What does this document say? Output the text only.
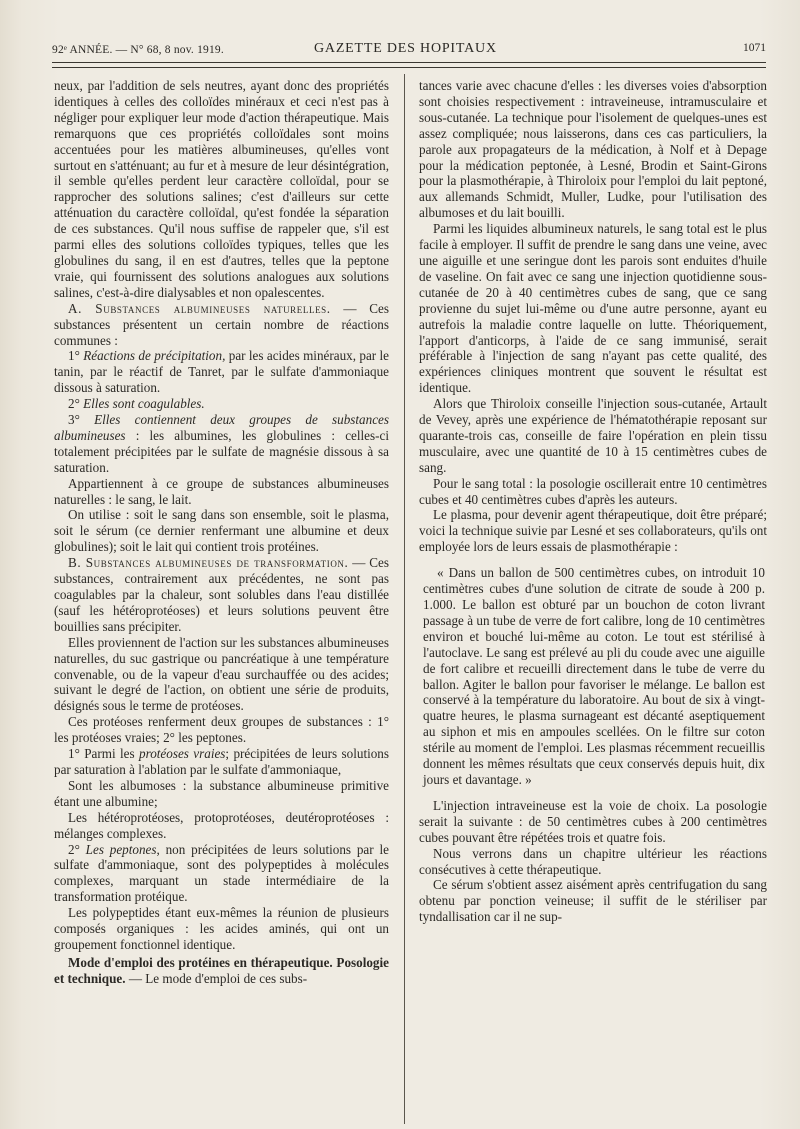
92ᵉ ANNÉE. — N° 68, 8 nov. 1919.	GAZETTE DES HOPITAUX	1071

neux, par l'addition de sels neutres, ayant donc des propriétés identiques à celles des colloïdes minéraux et ceci n'est pas à négliger pour expliquer leur mode d'action thérapeutique. Mais remarquons que ces propriétés colloïdales sont moins accentuées pour les matières albumineuses, qu'elles vont surtout en s'atténuant; au fur et à mesure de leur désintégration, il semble qu'elles perdent leur caractère colloïdal, pour se rapprocher des solutions salines; c'est d'ailleurs sur cette atténuation du caractère colloïdal, qu'est fondée la séparation de ces substances. Qu'il nous suffise de rappeler que, s'il est parmi elles des solutions colloïdes typiques, telles que les globulines du sang, il en est d'autres, telles que la peptone vraie, qui fournissent des solutions analogues aux solutions salines, c'est-à-dire dialysables et non opalescentes.

A. Substances albumineuses naturelles. — Ces substances présentent un certain nombre de réactions communes :

1° Réactions de précipitation, par les acides minéraux, par le tanin, par le réactif de Tanret, par le sulfate d'ammoniaque dissous à saturation.

2° Elles sont coagulables.

3° Elles contiennent deux groupes de substances albumineuses : les albumines, les globulines : celles-ci totalement précipitées par le sulfate de magnésie dissous à sa saturation.

Appartiennent à ce groupe de substances albumineuses naturelles : le sang, le lait.

On utilise : soit le sang dans son ensemble, soit le plasma, soit le sérum (ce dernier renfermant une albumine et deux globulines); soit le lait qui contient trois protéines.

B. Substances albumineuses de transformation. — Ces substances, contrairement aux précédentes, ne sont pas coagulables par la chaleur, sont solubles dans l'eau distillée (sauf les hétéroprotéoses) et leurs solutions peuvent être bouillies sans précipiter.

Elles proviennent de l'action sur les substances albumineuses naturelles, du suc gastrique ou pancréatique à une température convenable, ou de la vapeur d'eau surchauffée ou des acides; suivant le degré de l'action, on obtient une série de produits, désignés sous le terme de protéoses.

Ces protéoses renferment deux groupes de substances : 1° les protéoses vraies; 2° les peptones.

1° Parmi les protéoses vraies; précipitées de leurs solutions par saturation à l'ablation par le sulfate d'ammoniaque,

Sont les albumoses : la substance albumineuse primitive étant une albumine;

Les hétéroprotéoses, protoprotéoses, deutéroprotéoses : mélanges complexes.

2° Les peptones, non précipitées de leurs solutions par le sulfate d'ammoniaque, sont des polypeptides à molécules complexes, marquant un stade intermédiaire de la transformation protéique.

Les polypeptides étant eux-mêmes la réunion de plusieurs composés organiques : les acides aminés, qui ont un groupement fonctionnel identique.

Mode d'emploi des protéines en thérapeutique. Posologie et technique. — Le mode d'emploi de ces subs-

tances varie avec chacune d'elles : les diverses voies d'absorption sont choisies respectivement : intraveineuse, intramusculaire et sous-cutanée. La technique pour l'isolement de quelques-unes est assez compliquée; nous laisserons, dans ces cas particuliers, la parole aux propagateurs de la médication, à Nolf et à Depage pour la médication peptonée, à Lesné, Brodin et Saint-Girons pour la plasmothérapie, à Thiroloix pour l'emploi du lait peptoné, aux allemands Schmidt, Muller, Ludke, pour l'utilisation des albumoses et du lait bouilli.

Parmi les liquides albumineux naturels, le sang total est le plus facile à employer. Il suffit de prendre le sang dans une veine, avec une aiguille et une seringue dont les parois sont enduites d'huile de vaseline. On fait avec ce sang une injection quotidienne sous-cutanée de 20 à 40 centimètres cubes de sang, que ce sang provienne du sujet lui-même ou d'une autre personne, ayant eu autrefois la maladie contre laquelle on lutte. Théoriquement, l'apport d'anticorps, à l'aide de ce sang immunisé, serait préférable à l'injection de sang n'ayant pas cette qualité, des expériences cliniques montrent que souvent le résultat est identique.

Alors que Thiroloix conseille l'injection sous-cutanée, Artault de Vevey, après une expérience de l'hématothérapie reposant sur quarante-trois cas, conseille de faire l'opération en plein tissu musculaire, avec une quantité de 10 à 15 centimètres cubes de sang.

Pour le sang total : la posologie oscillerait entre 10 centimètres cubes et 40 centimètres cubes d'après les auteurs.

Le plasma, pour devenir agent thérapeutique, doit être préparé; voici la technique suivie par Lesné et ses collaborateurs, qu'ils ont employée lors de leurs essais de plasmothérapie :

« Dans un ballon de 500 centimètres cubes, on introduit 10 centimètres cubes d'une solution de citrate de soude à 200 p. 1.000. Le ballon est obturé par un bouchon de coton livrant passage à un tube de verre de fort calibre, long de 10 centimètres environ et bouché lui-même au coton. Le tout est stérilisé à l'autoclave. Le sang est prélevé au pli du coude avec une aiguille de fort calibre et recueilli directement dans le tube de verre du ballon. Agiter le ballon pour favoriser le mélange. Le ballon est conservé à la température du laboratoire. Au bout de six à vingt-quatre heures, le plasma surnageant est décanté aseptiquement au siphon et mis en ampoules scellées. On le filtre sur coton stérile au moment de l'emploi. Les plasmas récemment recueillis donnent les mêmes résultats que ceux conservés depuis huit, dix jours et davantage. »

L'injection intraveineuse est la voie de choix. La posologie serait la suivante : de 50 centimètres cubes à 200 centimètres cubes pouvant être répétées trois et quatre fois.

Nous verrons dans un chapitre ultérieur les réactions consécutives à cette thérapeutique.

Ce sérum s'obtient assez aisément après centrifugation du sang obtenu par ponction veineuse; il suffit de le stériliser par tyndallisation car il ne sup-
